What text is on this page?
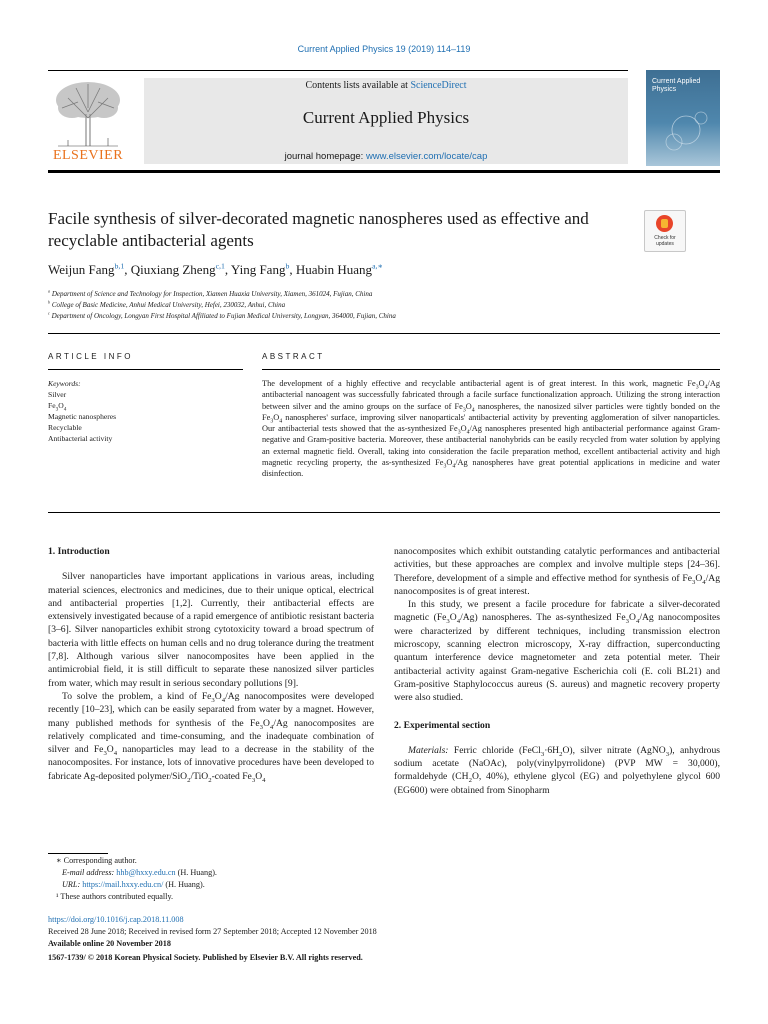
Current Applied Physics 19 (2019) 114–119
ELSEVIER
Contents lists available at ScienceDirect
Current Applied Physics
journal homepage: www.elsevier.com/locate/cap
Current Applied Physics
Facile synthesis of silver-decorated magnetic nanospheres used as effective and recyclable antibacterial agents	Check for updates
Weijun Fang$^{b,1}$, Qiuxiang Zheng$^{c,1}$, Ying Fang$^b$, Huabin Huang$^{a,∗}$
$^a$ Department of Science and Technology for Inspection, Xiamen Huaxia University, Xiamen, 361024, Fujian, China
$^b$ College of Basic Medicine, Anhui Medical University, Hefei, 230032, Anhui, China
$^c$ Department of Oncology, Longyan First Hospital Affiliated to Fujian Medical University, Longyan, 364000, Fujian, China
ARTICLE INFO	ABSTRACT
Keywords:
Silver
$Fe_3O_4$
Magnetic nanospheres
Recyclable
Antibacterial activity
The development of a highly effective and recyclable antibacterial agent is of great interest. In this work, magnetic $Fe_3O_4/Ag$ antibacterial nanoagent was successfully fabricated through a facile surface functionalization approach. Utilizing the strong interaction between silver and the amino groups on the surface of $Fe_3O_4$ nanospheres, the nanosized silver particles were tightly bonded on the $Fe_3O_4$ nanospheres' surface, improving silver nanoparticals' antibacterial activity by preventing agglomeration of silver nanoparticles. Our antibacterial tests showed that the as-synthesized $Fe_3O_4/Ag$ nanospheres presented high antibacterial performance against Gram-negative and Gram-positive bacteria. Moreover, these antibacterial nanohybrids can be easily recycled from water solution by applying an external magnetic field. Overall, taking into consideration the facile preparation method, excellent antibacterial activity and high magnetic recycling property, the as-synthesized $Fe_3O_4/Ag$ nanospheres have great potential applications in medicine and water disinfection.

1. Introduction

Silver nanoparticles have important applications in various areas, including material sciences, electronics and medicines, due to their unique optical, electrical and antibacterial properties [1,2]. Currently, their antibacterial effects are extensively investigated because of a rapid emergence of antibiotic resistant bacteria [3–6]. Silver nanoparticles exhibit strong cytotoxicity toward a broad spectrum of bacteria with little effects on human cells and no drug tolerance during the treatment [7,8]. Although various silver nanocomposites have been applied in the antimicrobial field, it is still difficult to separate these nanosized silver particles from water, which may result in serious secondary pollutions [9].

To solve the problem, a kind of $Fe_3O_4/Ag$ nanocomposites were developed recently [10–23], which can be easily separated from water by a magnet. However, many published methods for synthesis of the $Fe_3O_4/Ag$ nanocomposites are relatively complicated and time-consuming, and the inadequate combination of silver and $Fe_3O_4$ nanoparticles may lead to a decrease in the stability of the nanocomposites. For instance, lots of innovative procedures have been developed to fabricate Ag-deposited polymer/SiO$_2$/TiO$_2$-coated $Fe_3O_4$

nanocomposites which exhibit outstanding catalytic performances and antibacterial activities, but these approaches are complex and involve multiple steps [24–36]. Therefore, development of a simple and effective method for synthesis of $Fe_3O_4/Ag$ nanocomposites is of great interest.

In this study, we present a facile procedure for fabricate a silver-decorated magnetic $(Fe_3O_4/Ag)$ nanospheres. The as-synthesized $Fe_3O_4/Ag$ nanocomposites were characterized by different techniques, including transmission electron microscopy, scanning electron microscopy, X-ray diffraction, superconducting quantum interference device magnetometer and zeta potential meter. Their antibacterial activity against Gram-negative Escherichia coli (E. coli BL21) and Gram-positive Staphylococcus aureus (S. aureus) and magnetic recovery property were also studied.

2. Experimental section

Materials: Ferric chloride $(FeCl_3\cdot 6H_2O)$, silver nitrate (AgNO$_3$), anhydrous sodium acetate (NaOAc), poly(vinylpyrrolidone) (PVP MW = 30,000), formaldehyde ($CH_2O$, 40%), ethylene glycol (EG) and polyethylene glycol 600 (EG600) were obtained from Sinopharm

∗ Corresponding author.
E-mail address: hhb@hxxy.edu.cn (H. Huang).
URL: https://mail.hxxy.edu.cn/ (H. Huang).
¹ These authors contributed equally.
https://doi.org/10.1016/j.cap.2018.11.008
Received 28 June 2018; Received in revised form 27 September 2018; Accepted 12 November 2018
Available online 20 November 2018
1567-1739/ © 2018 Korean Physical Society. Published by Elsevier B.V. All rights reserved.
